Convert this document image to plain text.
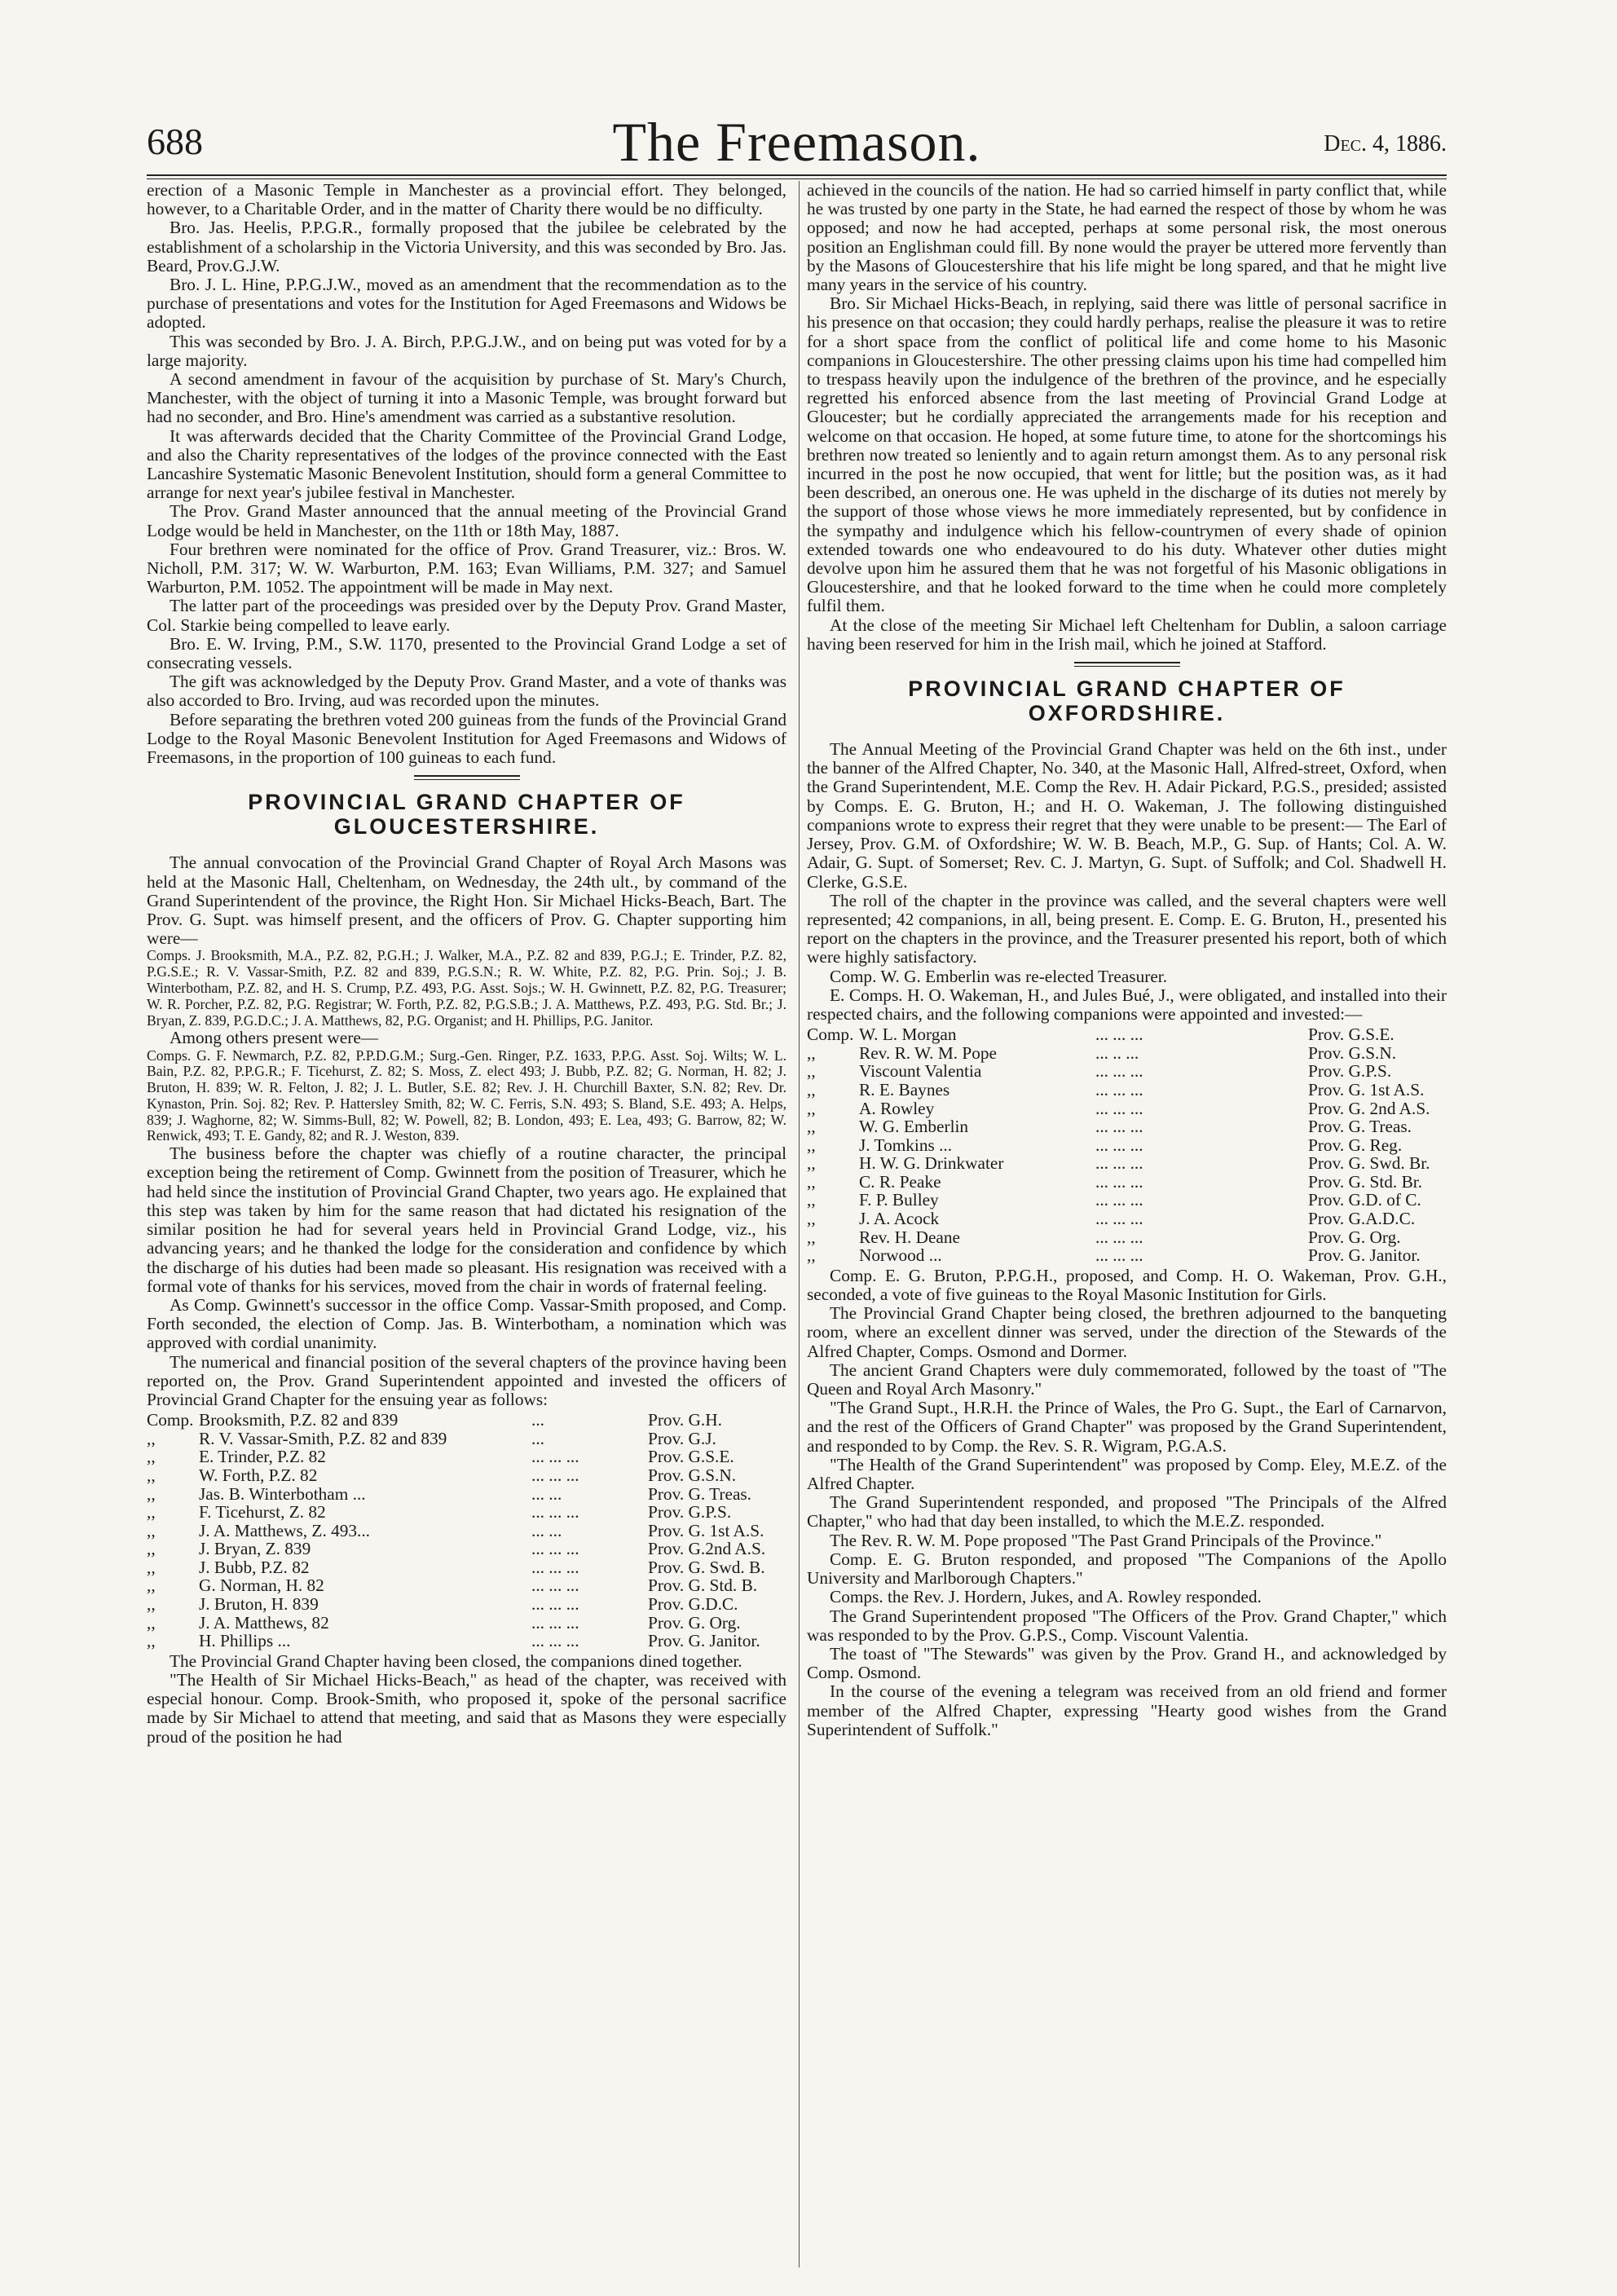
688	The Freemason.	Dec. 4, 1886.

erection of a Masonic Temple in Manchester as a provincial effort. They belonged, however, to a Charitable Order, and in the matter of Charity there would be no difficulty.

Bro. Jas. Heelis, P.P.G.R., formally proposed that the jubilee be celebrated by the establishment of a scholarship in the Victoria University, and this was seconded by Bro. Jas. Beard, Prov.G.J.W.

Bro. J. L. Hine, P.P.G.J.W., moved as an amendment that the recommendation as to the purchase of presentations and votes for the Institution for Aged Freemasons and Widows be adopted.

This was seconded by Bro. J. A. Birch, P.P.G.J.W., and on being put was voted for by a large majority.

A second amendment in favour of the acquisition by purchase of St. Mary's Church, Manchester, with the object of turning it into a Masonic Temple, was brought forward but had no seconder, and Bro. Hine's amendment was carried as a substantive resolution.

It was afterwards decided that the Charity Committee of the Provincial Grand Lodge, and also the Charity representatives of the lodges of the province connected with the East Lancashire Systematic Masonic Benevolent Institution, should form a general Committee to arrange for next year's jubilee festival in Manchester.

The Prov. Grand Master announced that the annual meeting of the Provincial Grand Lodge would be held in Manchester, on the 11th or 18th May, 1887.

Four brethren were nominated for the office of Prov. Grand Treasurer, viz.: Bros. W. Nicholl, P.M. 317; W. W. Warburton, P.M. 163; Evan Williams, P.M. 327; and Samuel Warburton, P.M. 1052. The appointment will be made in May next.

The latter part of the proceedings was presided over by the Deputy Prov. Grand Master, Col. Starkie being compelled to leave early.

Bro. E. W. Irving, P.M., S.W. 1170, presented to the Provincial Grand Lodge a set of consecrating vessels.

The gift was acknowledged by the Deputy Prov. Grand Master, and a vote of thanks was also accorded to Bro. Irving, aud was recorded upon the minutes.

Before separating the brethren voted 200 guineas from the funds of the Provincial Grand Lodge to the Royal Masonic Benevolent Institution for Aged Freemasons and Widows of Freemasons, in the proportion of 100 guineas to each fund.

PROVINCIAL GRAND CHAPTER OF GLOUCESTERSHIRE.

The annual convocation of the Provincial Grand Chapter of Royal Arch Masons was held at the Masonic Hall, Cheltenham, on Wednesday, the 24th ult., by command of the Grand Superintendent of the province, the Right Hon. Sir Michael Hicks-Beach, Bart. The Prov. G. Supt. was himself present, and the officers of Prov. G. Chapter supporting him were—

Comps. J. Brooksmith, M.A., P.Z. 82, P.G.H.; J. Walker, M.A., P.Z. 82 and 839, P.G.J.; E. Trinder, P.Z. 82, P.G.S.E.; R. V. Vassar-Smith, P.Z. 82 and 839, P.G.S.N.; R. W. White, P.Z. 82, P.G. Prin. Soj.; J. B. Winterbotham, P.Z. 82, and H. S. Crump, P.Z. 493, P.G. Asst. Sojs.; W. H. Gwinnett, P.Z. 82, P.G. Treasurer; W. R. Porcher, P.Z. 82, P.G. Registrar; W. Forth, P.Z. 82, P.G.S.B.; J. A. Matthews, P.Z. 493, P.G. Std. Br.; J. Bryan, Z. 839, P.G.D.C.; J. A. Matthews, 82, P.G. Organist; and H. Phillips, P.G. Janitor.

Among others present were—

Comps. G. F. Newmarch, P.Z. 82, P.P.D.G.M.; Surg.-Gen. Ringer, P.Z. 1633, P.P.G. Asst. Soj. Wilts; W. L. Bain, P.Z. 82, P.P.G.R.; F. Ticehurst, Z. 82; S. Moss, Z. elect 493; J. Bubb, P.Z. 82; G. Norman, H. 82; J. Bruton, H. 839; W. R. Felton, J. 82; J. L. Butler, S.E. 82; Rev. J. H. Churchill Baxter, S.N. 82; Rev. Dr. Kynaston, Prin. Soj. 82; Rev. P. Hattersley Smith, 82; W. C. Ferris, S.N. 493; S. Bland, S.E. 493; A. Helps, 839; J. Waghorne, 82; W. Simms-Bull, 82; W. Powell, 82; B. London, 493; E. Lea, 493; G. Barrow, 82; W. Renwick, 493; T. E. Gandy, 82; and R. J. Weston, 839.

The business before the chapter was chiefly of a routine character, the principal exception being the retirement of Comp. Gwinnett from the position of Treasurer, which he had held since the institution of Provincial Grand Chapter, two years ago. He explained that this step was taken by him for the same reason that had dictated his resignation of the similar position he had for several years held in Provincial Grand Lodge, viz., his advancing years; and he thanked the lodge for the consideration and confidence by which the discharge of his duties had been made so pleasant. His resignation was received with a formal vote of thanks for his services, moved from the chair in words of fraternal feeling.

As Comp. Gwinnett's successor in the office Comp. Vassar-Smith proposed, and Comp. Forth seconded, the election of Comp. Jas. B. Winterbotham, a nomination which was approved with cordial unanimity.

The numerical and financial position of the several chapters of the province having been reported on, the Prov. Grand Superintendent appointed and invested the officers of Provincial Grand Chapter for the ensuing year as follows:

Comp. Brooksmith, P.Z. 82 and 839	...	Prov. G.H.
,,	R. V. Vassar-Smith, P.Z. 82 and 839	...	Prov. G.J.
,,	E. Trinder, P.Z. 82	... ... ...	Prov. G.S.E.
,,	W. Forth, P.Z. 82	... ... ...	Prov. G.S.N.
,,	Jas. B. Winterbotham ...	... ...	Prov. G. Treas.
,,	F. Ticehurst, Z. 82	... ... ...	Prov. G.P.S.
,,	J. A. Matthews, Z. 493...	... ...	Prov. G. 1st A.S.
,,	J. Bryan, Z. 839	... ... ...	Prov. G.2nd A.S.
,,	J. Bubb, P.Z. 82	... ... ...	Prov. G. Swd. B.
,,	G. Norman, H. 82	... ... ...	Prov. G. Std. B.
,,	J. Bruton, H. 839	... ... ...	Prov. G.D.C.
,,	J. A. Matthews, 82	... ... ...	Prov. G. Org.
,,	H. Phillips ...	... ... ...	Prov. G. Janitor.

The Provincial Grand Chapter having been closed, the companions dined together.

"The Health of Sir Michael Hicks-Beach," as head of the chapter, was received with especial honour. Comp. Brook-Smith, who proposed it, spoke of the personal sacrifice made by Sir Michael to attend that meeting, and said that as Masons they were especially proud of the position he had

achieved in the councils of the nation. He had so carried himself in party conflict that, while he was trusted by one party in the State, he had earned the respect of those by whom he was opposed; and now he had accepted, perhaps at some personal risk, the most onerous position an Englishman could fill. By none would the prayer be uttered more fervently than by the Masons of Gloucestershire that his life might be long spared, and that he might live many years in the service of his country.

Bro. Sir Michael Hicks-Beach, in replying, said there was little of personal sacrifice in his presence on that occasion; they could hardly perhaps, realise the pleasure it was to retire for a short space from the conflict of political life and come home to his Masonic companions in Gloucestershire. The other pressing claims upon his time had compelled him to trespass heavily upon the indulgence of the brethren of the province, and he especially regretted his enforced absence from the last meeting of Provincial Grand Lodge at Gloucester; but he cordially appreciated the arrangements made for his reception and welcome on that occasion. He hoped, at some future time, to atone for the shortcomings his brethren now treated so leniently and to again return amongst them. As to any personal risk incurred in the post he now occupied, that went for little; but the position was, as it had been described, an onerous one. He was upheld in the discharge of its duties not merely by the support of those whose views he more immediately represented, but by confidence in the sympathy and indulgence which his fellow-countrymen of every shade of opinion extended towards one who endeavoured to do his duty. Whatever other duties might devolve upon him he assured them that he was not forgetful of his Masonic obligations in Gloucestershire, and that he looked forward to the time when he could more completely fulfil them.

At the close of the meeting Sir Michael left Cheltenham for Dublin, a saloon carriage having been reserved for him in the Irish mail, which he joined at Stafford.

PROVINCIAL GRAND CHAPTER OF OXFORDSHIRE.

The Annual Meeting of the Provincial Grand Chapter was held on the 6th inst., under the banner of the Alfred Chapter, No. 340, at the Masonic Hall, Alfred-street, Oxford, when the Grand Superintendent, M.E. Comp the Rev. H. Adair Pickard, P.G.S., presided; assisted by Comps. E. G. Bruton, H.; and H. O. Wakeman, J. The following distinguished companions wrote to express their regret that they were unable to be present:— The Earl of Jersey, Prov. G.M. of Oxfordshire; W. W. B. Beach, M.P., G. Sup. of Hants; Col. A. W. Adair, G. Supt. of Somerset; Rev. C. J. Martyn, G. Supt. of Suffolk; and Col. Shadwell H. Clerke, G.S.E.

The roll of the chapter in the province was called, and the several chapters were well represented; 42 companions, in all, being present. E. Comp. E. G. Bruton, H., presented his report on the chapters in the province, and the Treasurer presented his report, both of which were highly satisfactory.

Comp. W. G. Emberlin was re-elected Treasurer.

E. Comps. H. O. Wakeman, H., and Jules Bué, J., were obligated, and installed into their respected chairs, and the following companions were appointed and invested:—

Comp. W. L. Morgan	... ... ...	Prov. G.S.E.
,,	Rev. R. W. M. Pope	... .. ...	Prov. G.S.N.
,,	Viscount Valentia	... ... ...	Prov. G.P.S.
,,	R. E. Baynes	... ... ...	Prov. G. 1st A.S.
,,	A. Rowley	... ... ...	Prov. G. 2nd A.S.
,,	W. G. Emberlin	... ... ...	Prov. G. Treas.
,,	J. Tomkins ...	... ... ...	Prov. G. Reg.
,,	H. W. G. Drinkwater	... ... ...	Prov. G. Swd. Br.
,,	C. R. Peake	... ... ...	Prov. G. Std. Br.
,,	F. P. Bulley	... ... ...	Prov. G.D. of C.
,,	J. A. Acock	... ... ...	Prov. G.A.D.C.
,,	Rev. H. Deane	... ... ...	Prov. G. Org.
,,	Norwood ...	... ... ...	Prov. G. Janitor.

Comp. E. G. Bruton, P.P.G.H., proposed, and Comp. H. O. Wakeman, Prov. G.H., seconded, a vote of five guineas to the Royal Masonic Institution for Girls.

The Provincial Grand Chapter being closed, the brethren adjourned to the banqueting room, where an excellent dinner was served, under the direction of the Stewards of the Alfred Chapter, Comps. Osmond and Dormer.

The ancient Grand Chapters were duly commemorated, followed by the toast of "The Queen and Royal Arch Masonry."

"The Grand Supt., H.R.H. the Prince of Wales, the Pro G. Supt., the Earl of Carnarvon, and the rest of the Officers of Grand Chapter" was proposed by the Grand Superintendent, and responded to by Comp. the Rev. S. R. Wigram, P.G.A.S.

"The Health of the Grand Superintendent" was proposed by Comp. Eley, M.E.Z. of the Alfred Chapter.

The Grand Superintendent responded, and proposed "The Principals of the Alfred Chapter," who had that day been installed, to which the M.E.Z. responded.

The Rev. R. W. M. Pope proposed "The Past Grand Principals of the Province."

Comp. E. G. Bruton responded, and proposed "The Companions of the Apollo University and Marlborough Chapters."

Comps. the Rev. J. Hordern, Jukes, and A. Rowley responded.

The Grand Superintendent proposed "The Officers of the Prov. Grand Chapter," which was responded to by the Prov. G.P.S., Comp. Viscount Valentia.

The toast of "The Stewards" was given by the Prov. Grand H., and acknowledged by Comp. Osmond.

In the course of the evening a telegram was received from an old friend and former member of the Alfred Chapter, expressing "Hearty good wishes from the Grand Superintendent of Suffolk."
